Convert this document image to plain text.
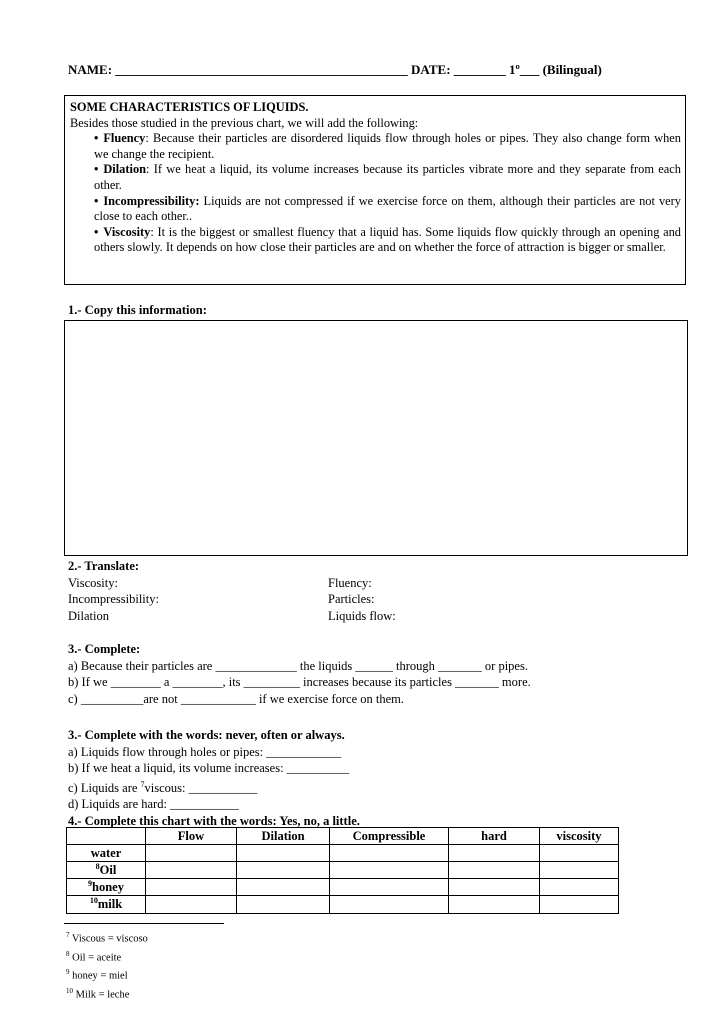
NAME: _____________________________________________ DATE: ________ 1º___ (Bilingual)
SOME CHARACTERISTICS OF LIQUIDS.
Besides those studied in the previous chart, we will add the following:
• Fluency: Because their particles are disordered liquids flow through holes or pipes. They also change form when we change the recipient.
• Dilation: If we heat a liquid, its volume increases because its particles vibrate more and they separate from each other.
• Incompressibility: Liquids are not compressed if we exercise force on them, although their particles are not very close to each other..
• Viscosity: It is the biggest or smallest fluency that a liquid has. Some liquids flow quickly through an opening and others slowly. It depends on how close their particles are and on whether the force of attraction is bigger or smaller.
1.- Copy this information:
2.- Translate:
Viscosity:	Fluency:
Incompressibility:	Particles:
Dilation	Liquids flow:
3.- Complete:
a) Because their particles are _____________ the liquids ______ through _______ or pipes.
b) If we ________ a ________, its _________ increases because its particles _______ more.
c) __________are not ____________ if we exercise force on them.
3.- Complete with the words: never, often or always.
a) Liquids flow through holes or pipes: ____________
b) If we heat a liquid, its volume increases: __________
c) Liquids are $^7$viscous: ___________
d) Liquids are hard: ___________
4.- Complete this chart with the words: Yes, no, a little.
	Flow	Dilation	Compressible	hard	viscosity
water					
$^8$Oil					
$^9$honey					
$^{10}$milk					
$^7$ Viscous = viscoso
$^8$ Oil = aceite
$^9$ honey = miel
$^{10}$ Milk = leche
